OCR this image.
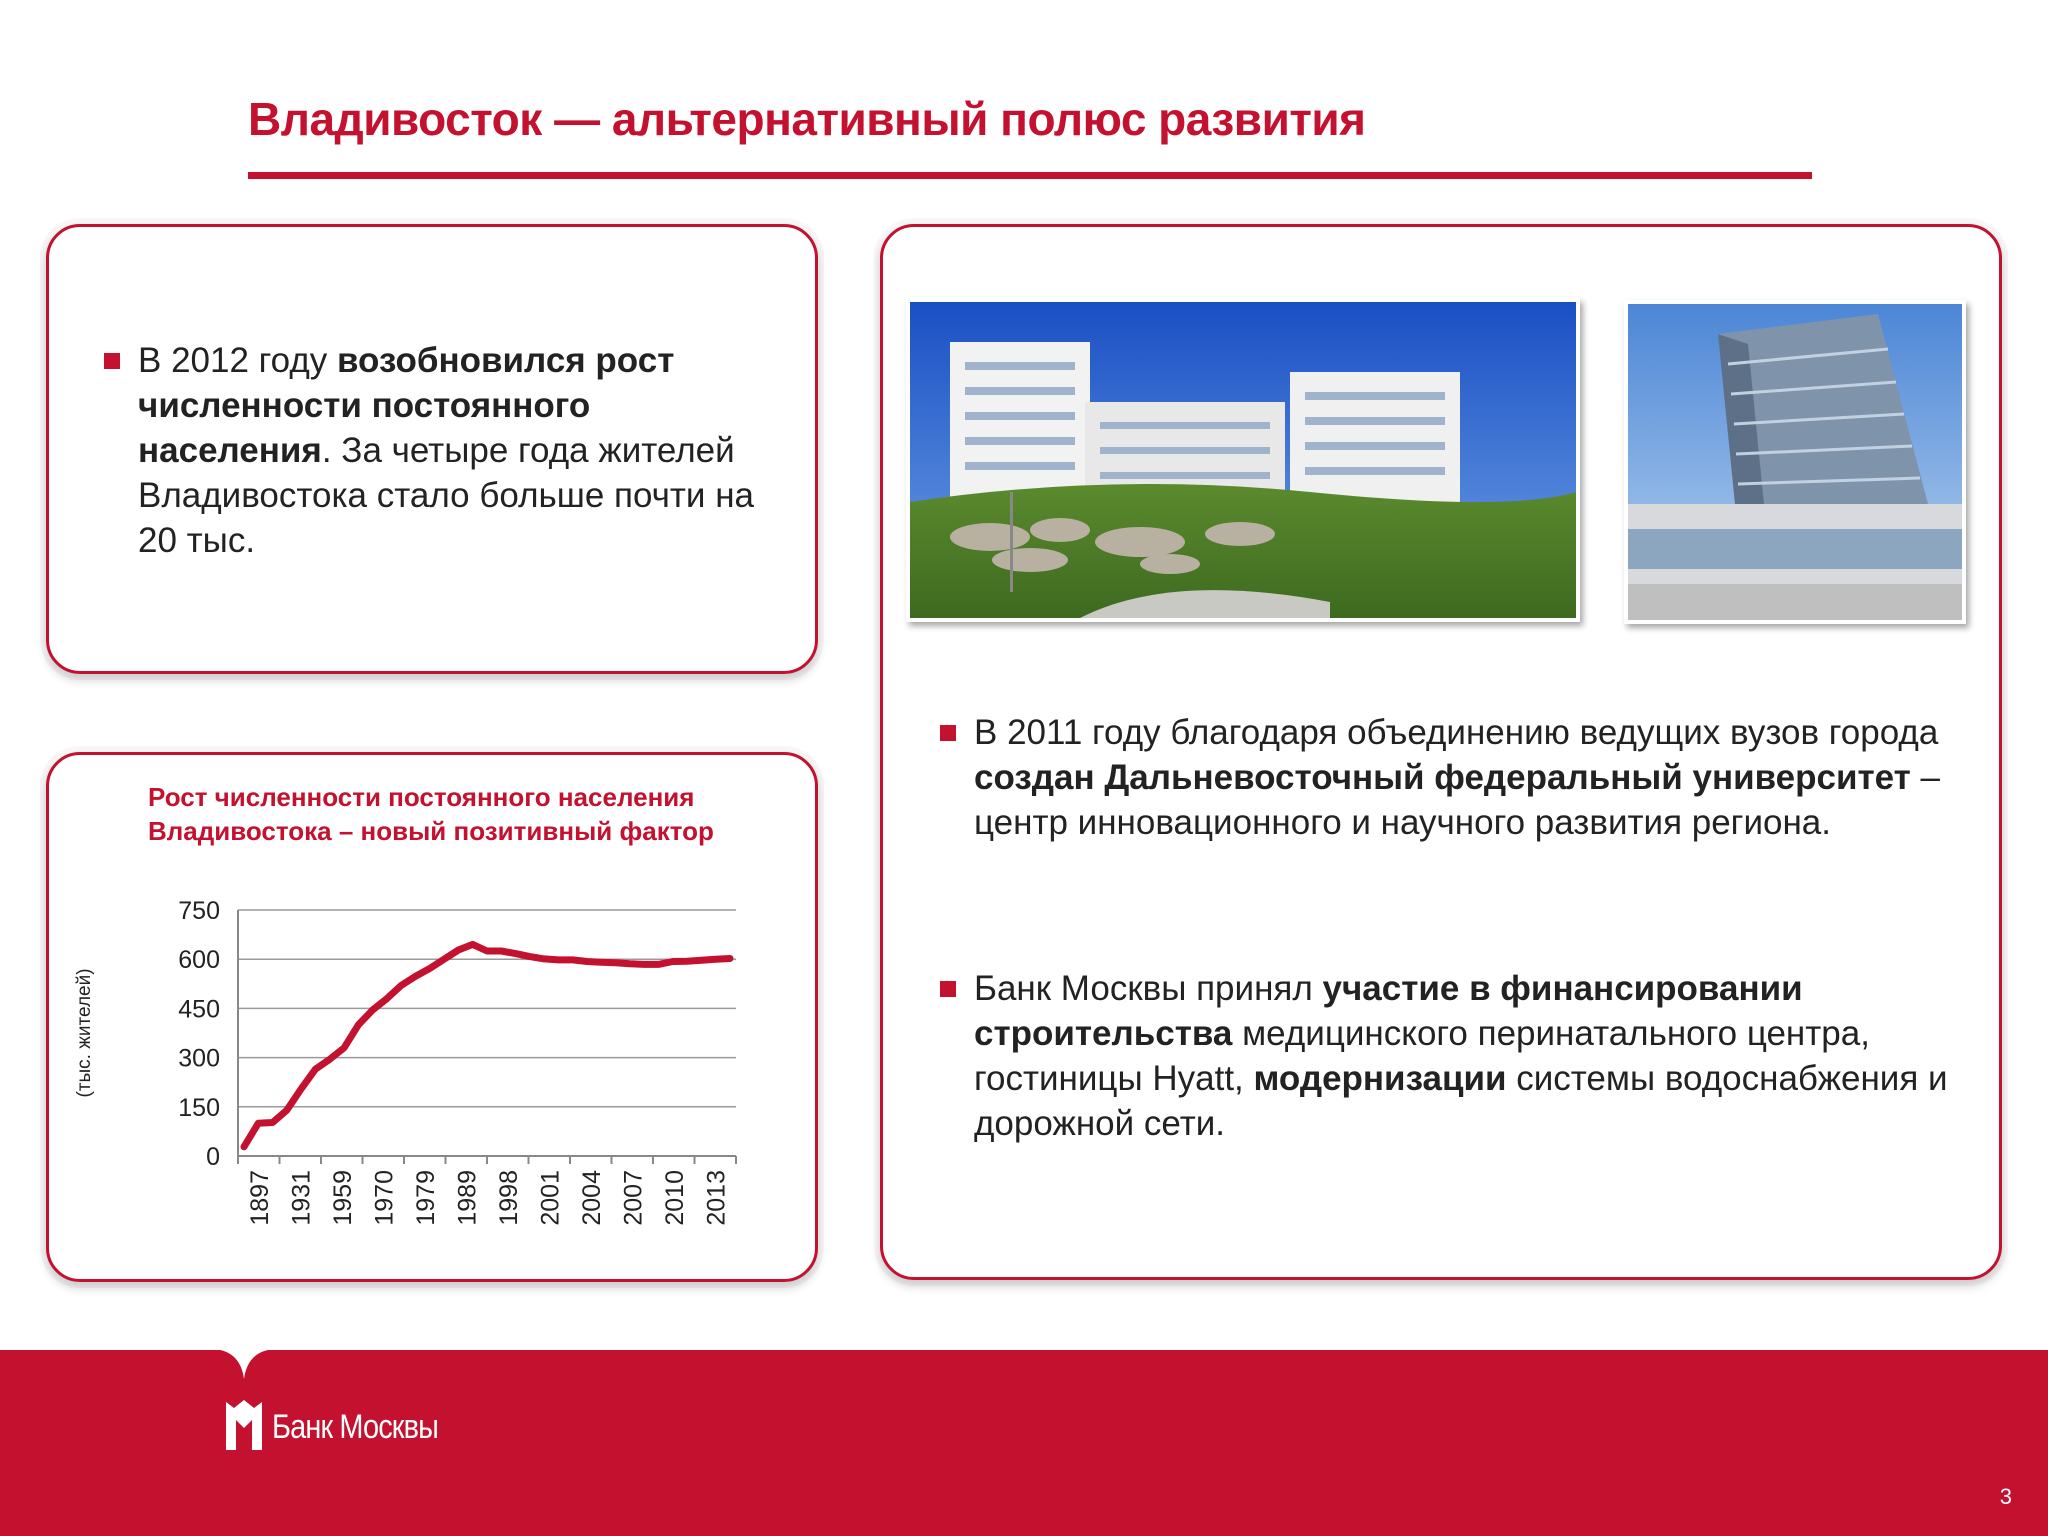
Владивосток — альтернативный полюс развития
В 2012 году возобновился рост численности постоянного населения. За четыре года жителей Владивостока стало больше почти на 20 тыс.
В 2011 году благодаря объединению ведущих вузов города создан Дальневосточный федеральный университет – центр инновационного и научного развития региона.
Банк Москвы принял участие в финансировании строительства медицинского перинатального центра, гостиницы Hyatt, модернизации системы водоснабжения и дорожной сети.
Рост численности постоянного населения
Владивостока – новый позитивный фактор
0
150
300
450
600
750
1897 1931 1959 1970 1979 1989 1998 2001 2004 2007 2010 2013
(тыс. жителей)
Банк Москвы
3
